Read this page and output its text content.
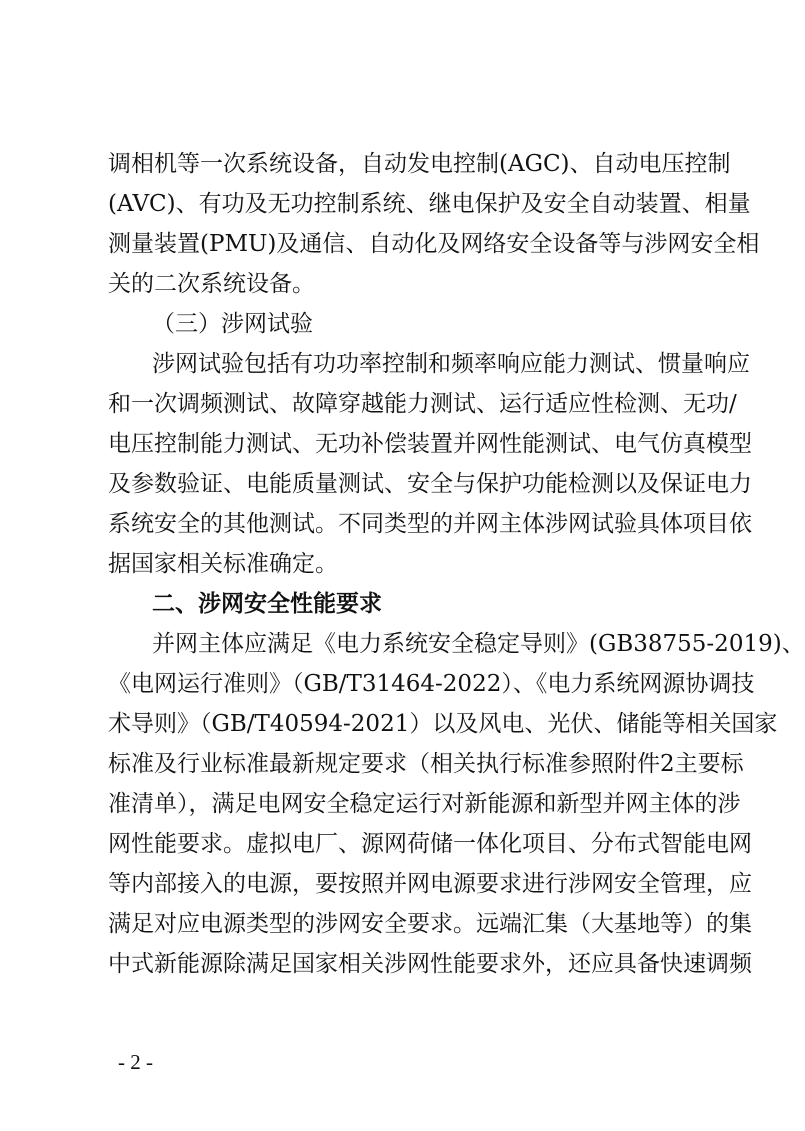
调相机等一次系统设备，自动发电控制(AGC)、自动电压控制
(AVC)、有功及无功控制系统、继电保护及安全自动装置、相量
测量装置(PMU)及通信、自动化及网络安全设备等与涉网安全相
关的二次系统设备。
（三）涉网试验
涉网试验包括有功功率控制和频率响应能力测试、惯量响应
和一次调频测试、故障穿越能力测试、运行适应性检测、无功/
电压控制能力测试、无功补偿装置并网性能测试、电气仿真模型
及参数验证、电能质量测试、安全与保护功能检测以及保证电力
系统安全的其他测试。不同类型的并网主体涉网试验具体项目依
据国家相关标准确定。
二、涉网安全性能要求
并网主体应满足《电力系统安全稳定导则》(GB38755-2019)、
《电网运行准则》（GB/T31464-2022）、《电力系统网源协调技
术导则》（GB/T40594-2021）以及风电、光伏、储能等相关国家
标准及行业标准最新规定要求（相关执行标准参照附件2主要标
准清单），满足电网安全稳定运行对新能源和新型并网主体的涉
网性能要求。虚拟电厂、源网荷储一体化项目、分布式智能电网
等内部接入的电源，要按照并网电源要求进行涉网安全管理，应
满足对应电源类型的涉网安全要求。远端汇集（大基地等）的集
中式新能源除满足国家相关涉网性能要求外，还应具备快速调频
- 2 -
